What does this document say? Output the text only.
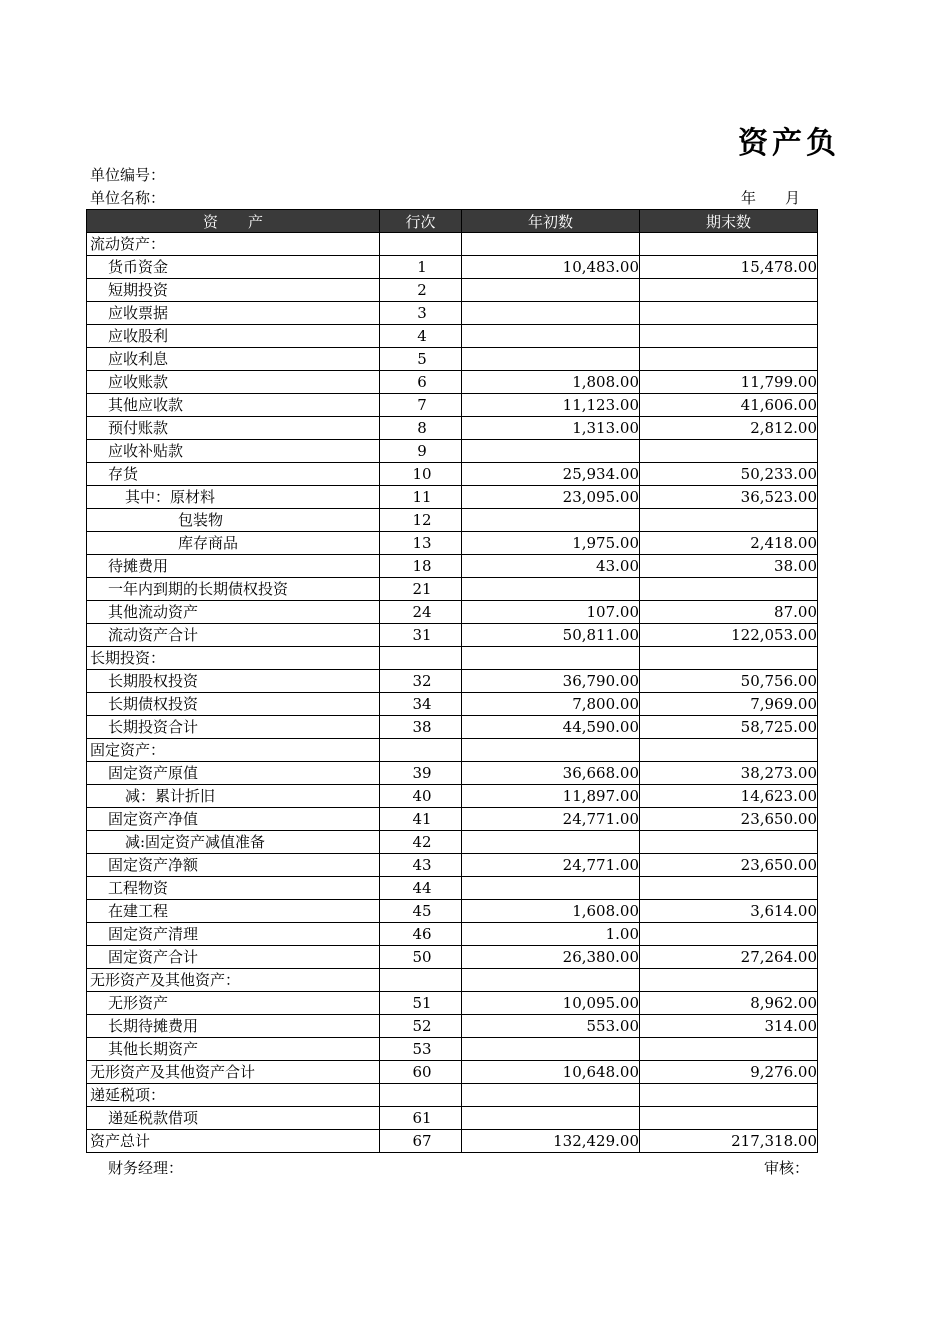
资产负
单位编号：
单位名称：	年 月
资　　产	行次	年初数	期末数
流动资产：			
货币资金	1	10,483.00	15,478.00
短期投资	2		
应收票据	3		
应收股利	4		
应收利息	5		
应收账款	6	1,808.00	11,799.00
其他应收款	7	11,123.00	41,606.00
预付账款	8	1,313.00	2,812.00
应收补贴款	9		
存货	10	25,934.00	50,233.00
其中：原材料	11	23,095.00	36,523.00
包装物	12		
库存商品	13	1,975.00	2,418.00
待摊费用	18	43.00	38.00
一年内到期的长期债权投资	21		
其他流动资产	24	107.00	87.00
流动资产合计	31	50,811.00	122,053.00
长期投资：			
长期股权投资	32	36,790.00	50,756.00
长期债权投资	34	7,800.00	7,969.00
长期投资合计	38	44,590.00	58,725.00
固定资产：			
固定资产原值	39	36,668.00	38,273.00
减：累计折旧	40	11,897.00	14,623.00
固定资产净值	41	24,771.00	23,650.00
减:固定资产减值准备	42		
固定资产净额	43	24,771.00	23,650.00
工程物资	44		
在建工程	45	1,608.00	3,614.00
固定资产清理	46	1.00	
固定资产合计	50	26,380.00	27,264.00
无形资产及其他资产：			
无形资产	51	10,095.00	8,962.00
长期待摊费用	52	553.00	314.00
其他长期资产	53		
无形资产及其他资产合计	60	10,648.00	9,276.00
递延税项：			
递延税款借项	61		
资产总计	67	132,429.00	217,318.00
财务经理：	审核：
